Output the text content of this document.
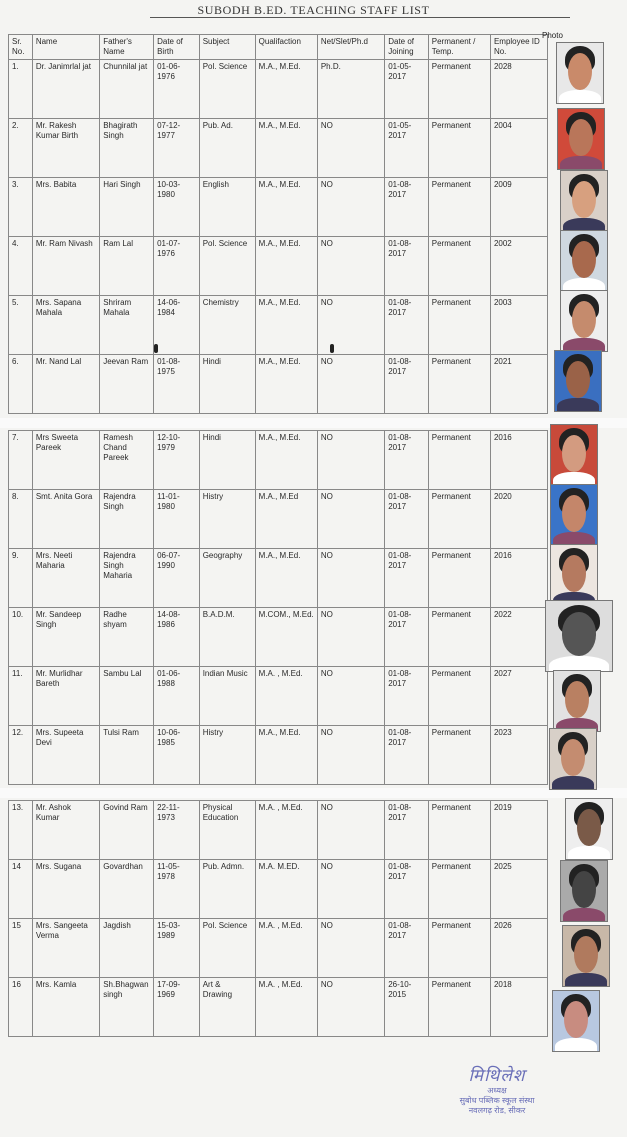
SUBODH B.ED. TEACHING STAFF LIST
Sr. No.	Name	Father's Name	Date of Birth	Subject	Qualifaction	Net/Slet/Ph.d	Date of Joining	Permanent / Temp.	Employee ID No.
1.	Dr. Janimrlal jat	Chunnilal jat	01-06-1976	Pol. Science	M.A., M.Ed.	Ph.D.	01-05-2017	Permanent	2028
2.	Mr. Rakesh Kumar Birth	Bhagirath Singh	07-12-1977	Pub. Ad.	M.A., M.Ed.	NO	01-05-2017	Permanent	2004
3.	Mrs. Babita	Hari Singh	10-03-1980	English	M.A., M.Ed.	NO	01-08-2017	Permanent	2009
4.	Mr. Ram Nivash	Ram Lal	01-07-1976	Pol. Science	M.A., M.Ed.	NO	01-08-2017	Permanent	2002
5.	Mrs. Sapana Mahala	Shriram Mahala	14-06-1984	Chemistry	M.A., M.Ed.	NO	01-08-2017	Permanent	2003
6.	Mr. Nand Lal	Jeevan Ram	01-08-1975	Hindi	M.A., M.Ed.	NO	01-08-2017	Permanent	2021
Photo
7.	Mrs Sweeta Pareek	Ramesh Chand Pareek	12-10-1979	Hindi	M.A., M.Ed.	NO	01-08-2017	Permanent	2016
8.	Smt. Anita Gora	Rajendra Singh	11-01-1980	Histry	M.A., M.Ed	NO	01-08-2017	Permanent	2020
9.	Mrs. Neeti Maharia	Rajendra Singh Maharia	06-07-1990	Geography	M.A., M.Ed.	NO	01-08-2017	Permanent	2016
10.	Mr. Sandeep Singh	Radhe shyam	14-08-1986	B.A.D.M.	M.COM., M.Ed.	NO	01-08-2017	Permanent	2022
11.	Mr. Murlidhar Bareth	Sambu Lal	01-06-1988	Indian Music	M.A. , M.Ed.	NO	01-08-2017	Permanent	2027
12.	Mrs. Supeeta Devi	Tulsi Ram	10-06-1985	Histry	M.A., M.Ed.	NO	01-08-2017	Permanent	2023
13.	Mr. Ashok Kumar	Govind Ram	22-11-1973	Physical Education	M.A. , M.Ed.	NO	01-08-2017	Permanent	2019
14	Mrs. Sugana	Govardhan	11-05-1978	Pub. Admn.	M.A. M.ED.	NO	01-08-2017	Permanent	2025
15	Mrs. Sangeeta Verma	Jagdish	15-03-1989	Pol. Science	M.A. , M.Ed.	NO	01-08-2017	Permanent	2026
16	Mrs. Kamla	Sh.Bhagwan singh	17-09-1969	Art & Drawing	M.A. , M.Ed.	NO	26-10-2015	Permanent	2018
मिथिलेश
अध्यक्ष
सुबोध पब्लिक स्कूल संस्था
नवलगढ़ रोड, सीकर
